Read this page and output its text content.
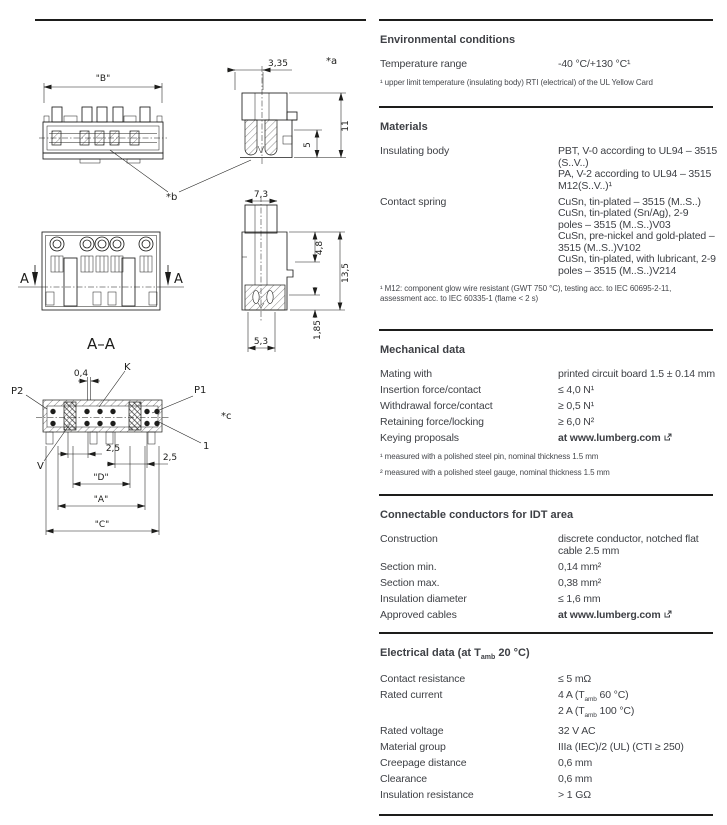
"B"
3,35	*a
11
5
*b	7,3
4,8
13,5
1,85
5,3
A	A
A–A
K
P2	P1
0,4
*c
1
V
2,5
2,5
"D"
"A"
"C"
Environmental conditions
Temperature range	-40 °C/+130 °C¹
¹ upper limit temperature (insulating body) RTI (electrical) of the UL Yellow Card
Materials
Insulating body	PBT, V-0 according to UL94 – 3515
(S..V..)
PA, V-2 according to UL94 – 3515
M12(S..V..)¹
Contact spring	CuSn, tin-plated – 3515 (M..S..)
CuSn, tin-plated (Sn/Ag), 2-9
poles – 3515 (M..S..)V03
CuSn, pre-nickel and gold-plated –
3515 (M..S..)V102
CuSn, tin-plated, with lubricant, 2-9
poles – 3515 (M..S..)V214
¹ M12: component glow wire resistant (GWT 750 °C), testing acc. to IEC 60695-2-11, assessment acc. to IEC 60335-1 (flame < 2 s)
Mechanical data
Mating with	printed circuit board 1.5 ± 0.14 mm
Insertion force/contact	≤ 4,0 N¹
Withdrawal force/contact	≥ 0,5 N¹
Retaining force/locking	≥ 6,0 N²
Keying proposals	at www.lumberg.com
¹ measured with a polished steel pin, nominal thickness 1.5 mm
² measured with a polished steel gauge, nominal thickness 1.5 mm
Connectable conductors for IDT area
Construction	discrete conductor, notched flat
cable 2.5 mm
Section min.	0,14 mm²
Section max.	0,38 mm²
Insulation diameter	≤ 1,6 mm
Approved cables	at www.lumberg.com
Electrical data (at $T_{amb}$ 20 °C)
Contact resistance	≤ 5 mΩ
Rated current	4 A ($T_{amb}$ 60 °C)
2 A ($T_{amb}$ 100 °C)
Rated voltage	32 V AC
Material group	IIIa (IEC)/2 (UL) (CTI ≥ 250)
Creepage distance	0,6 mm
Clearance	0,6 mm
Insulation resistance	> 1 GΩ
